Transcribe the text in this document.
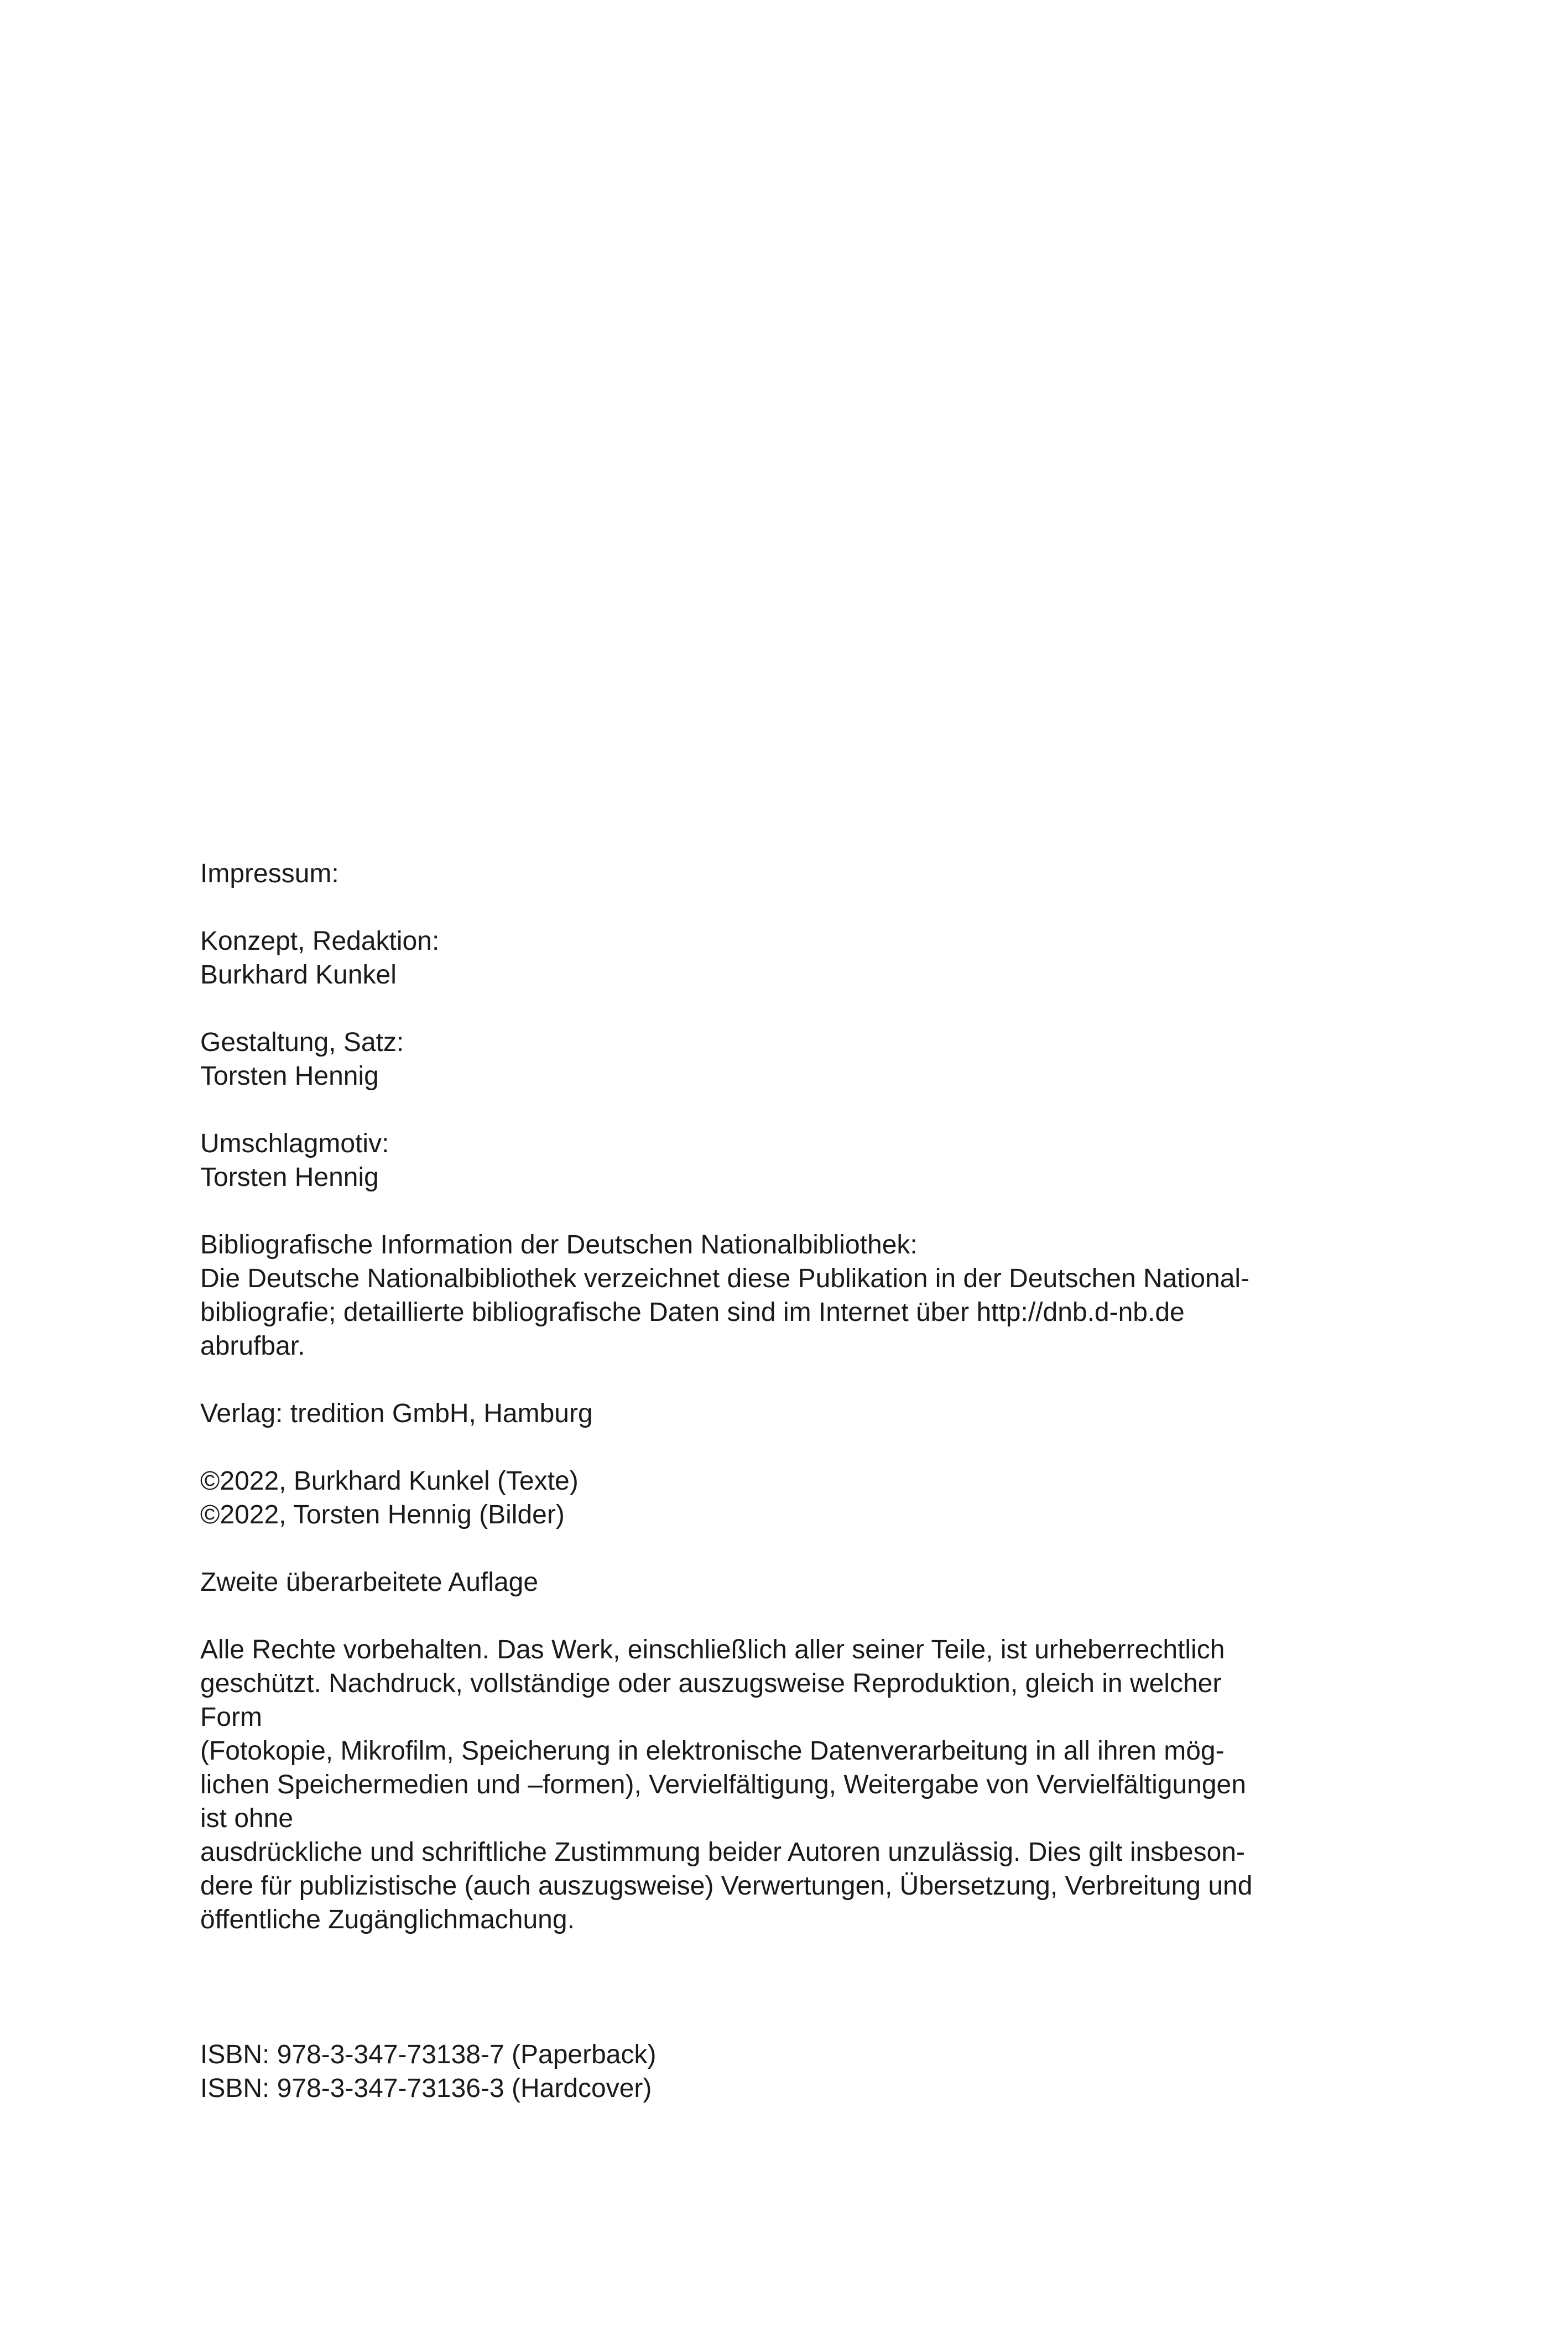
Impressum:
Konzept, Redaktion:
Burkhard Kunkel
Gestaltung, Satz:
Torsten Hennig
Umschlagmotiv:
Torsten Hennig
Bibliografische Information der Deutschen Nationalbibliothek:
Die Deutsche Nationalbibliothek verzeichnet diese Publikation in der Deutschen National-
bibliografie; detaillierte bibliografische Daten sind im Internet über http://dnb.d-nb.de
abrufbar.
Verlag: tredition GmbH, Hamburg
©2022, Burkhard Kunkel (Texte)
©2022, Torsten Hennig (Bilder)
Zweite überarbeitete Auflage
Alle Rechte vorbehalten. Das Werk, einschließlich aller seiner Teile, ist urheberrechtlich
geschützt. Nachdruck, vollständige oder auszugsweise Reproduktion, gleich in welcher
Form
(Fotokopie, Mikrofilm, Speicherung in elektronische Datenverarbeitung in all ihren mög-
lichen Speichermedien und –formen), Vervielfältigung, Weitergabe von Vervielfältigungen
ist ohne
ausdrückliche und schriftliche Zustimmung beider Autoren unzulässig. Dies gilt insbeson-
dere für publizistische (auch auszugsweise) Verwertungen, Übersetzung, Verbreitung und
öffentliche Zugänglichmachung.
ISBN: 978-3-347-73138-7 (Paperback)
ISBN: 978-3-347-73136-3 (Hardcover)
